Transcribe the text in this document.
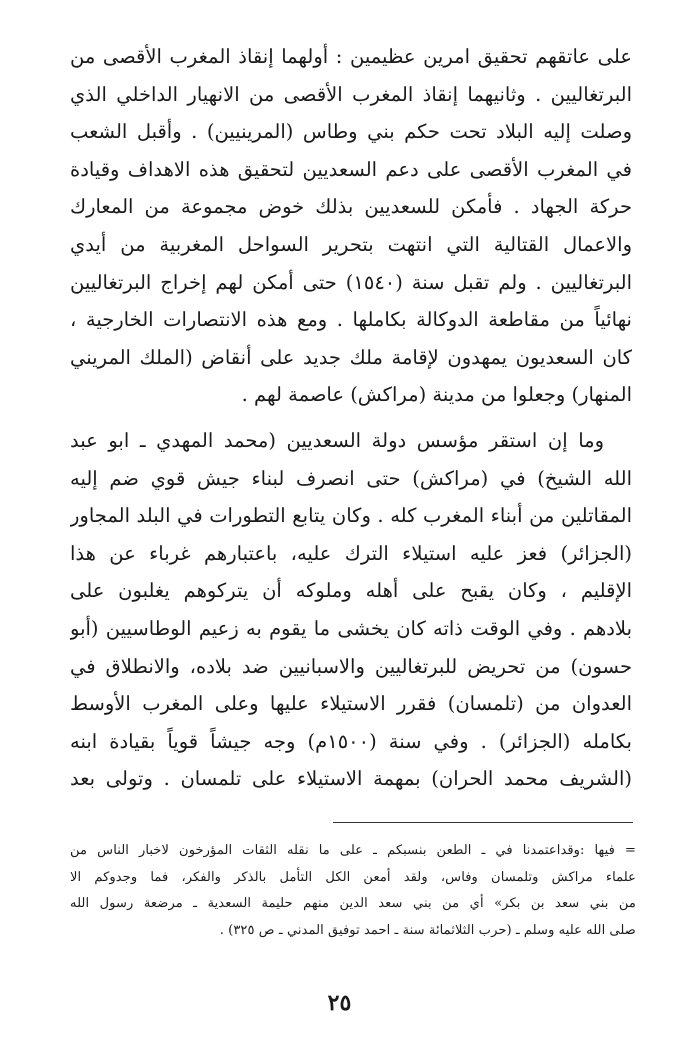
على عاتقهم تحقيق امرين عظيمين : أولهما إنقاذ المغرب الأقصى من
البرتغاليين . وثانيهما إنقاذ المغرب الأقصى من الانهيار الداخلي الذي
وصلت إليه البلاد تحت حكم بني وطاس (المرينيين) . وأقبل الشعب
في المغرب الأقصى على دعم السعديين لتحقيق هذه الاهداف وقيادة
حركة الجهاد . فأمكن للسعديين بذلك خوض مجموعة من المعارك
والاعمال القتالية التي انتهت بتحرير السواحل المغربية من أيدي
البرتغاليين . ولم تقبل سنة (١٥٤٠) حتى أمكن لهم إخراج البرتغاليين
نهائياً من مقاطعة الدوكالة بكاملها . ومع هذه الانتصارات الخارجية ،
كان السعديون يمهدون لإقامة ملك جديد على أنقاض (الملك المريني
المنهار) وجعلوا من مدينة (مراكش) عاصمة لهم .
وما إن استقر مؤسس دولة السعديين (محمد المهدي ـ ابو عبد
الله الشيخ) في (مراكش) حتى انصرف لبناء جيش قوي ضم إليه
المقاتلين من أبناء المغرب كله . وكان يتابع التطورات في البلد المجاور
(الجزائر) فعز عليه استيلاء الترك عليه، باعتبارهم غرباء عن هذا
الإقليم ، وكان يقبح على أهله وملوكه أن يتركوهم يغلبون على
بلادهم . وفي الوقت ذاته كان يخشى ما يقوم به زعيم الوطاسيين (أبو
حسون) من تحريض للبرتغاليين والاسبانيين ضد بلاده، والانطلاق في
العدوان من (تلمسان) فقرر الاستيلاء عليها وعلى المغرب الأوسط
بكامله (الجزائر) . وفي سنة (١٥٠٠م) وجه جيشاً قوياً بقيادة ابنه
(الشريف محمد الحران) بمهمة الاستيلاء على تلمسان . وتولى بعد
= فيها :وقداعتمدنا في ـ الطعن بنسبكم ـ على ما نقله الثقات المؤرخون لاخبار الناس من
علماء مراكش وتلمسان وفاس، ولقد أمعن الكل التأمل بالذكر والفكر، فما وجدوكم الا
من بني سعد بن بكر» أي من بني سعد الدين منهم حليمة السعدية ـ مرضعة رسول الله
صلى الله عليه وسلم ـ (حرب الثلاثمائة سنة ـ احمد توفيق المدني ـ ص ٣٢٥) .
٢٥
